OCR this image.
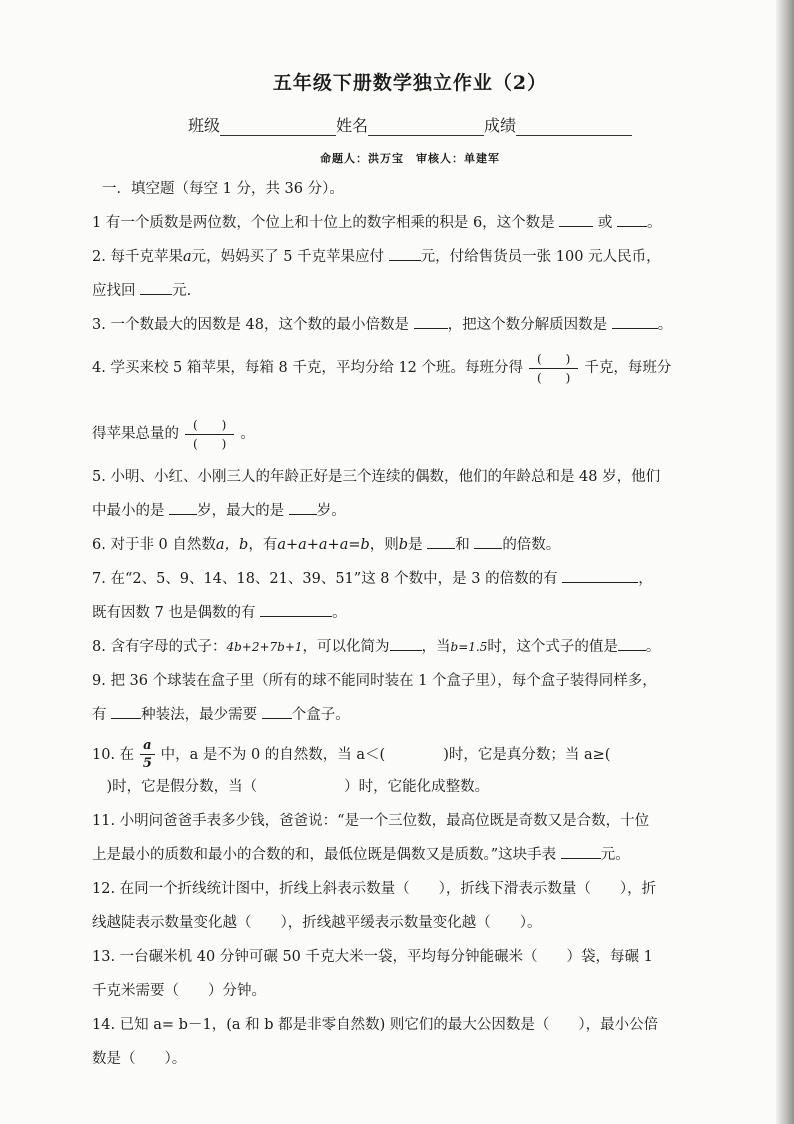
五年级下册数学独立作业（2）
班级	姓名	成绩
命题人：洪万宝　审核人：单建军
一．填空题（每空 1 分，共 36 分）。
1 有一个质数是两位数，个位上和十位上的数字相乘的积是 6，这个数是  或 。
2. 每千克苹果a元，妈妈买了 5 千克苹果应付 元，付给售货员一张 100 元人民币，
应找回 元.
3. 一个数最大的因数是 48，这个数的最小倍数是 ，把这个数分解质因数是	。
4. 学买来校 5 箱苹果，每箱 8 千克，平均分给 12 个班。每班分得 $\frac{( )}{( )}$ 千克，每班分
得苹果总量的 $\frac{( )}{( )}$ 。
5. 小明、小红、小刚三人的年龄正好是三个连续的偶数，他们的年龄总和是 48 岁，他们
中最小的是 岁，最大的是 岁。
6. 对于非 0 自然数a，b，有a+a+a+a=b，则b是 和 的倍数。
7. 在“2、5、9、14、18、21、39、51”这 8 个数中，是 3 的倍数的有	，
既有因数 7 也是偶数的有	。
8. 含有字母的式子：4b+2+7b+1，可以化简为 ，当b=1.5时，这个式子的值是 。
9. 把 36 个球装在盒子里（所有的球不能同时装在 1 个盒子里），每个盒子装得同样多，
有 种装法，最少需要 个盒子。
10. 在 $\frac{a}{5}$ 中，a 是不为 0 的自然数，当 a＜(　　　　)时，它是真分数；当 a≥(
　)时，它是假分数，当（　　　　　　）时，它能化成整数。
11. 小明问爸爸手表多少钱，爸爸说：“是一个三位数，最高位既是奇数又是合数，十位
上是最小的质数和最小的合数的和，最低位既是偶数又是质数。”这块手表	元。
12. 在同一个折线统计图中，折线上斜表示数量（　　），折线下滑表示数量（　　），折
线越陡表示数量变化越（　　），折线越平缓表示数量变化越（　　）。
13. 一台碾米机 40 分钟可碾 50 千克大米一袋，平均每分钟能碾米（　　）袋，每碾 1
千克米需要（　　）分钟。
14. 已知 a= b－1，(a 和 b 都是非零自然数) 则它们的最大公因数是（　　），最小公倍
数是（　　）。
